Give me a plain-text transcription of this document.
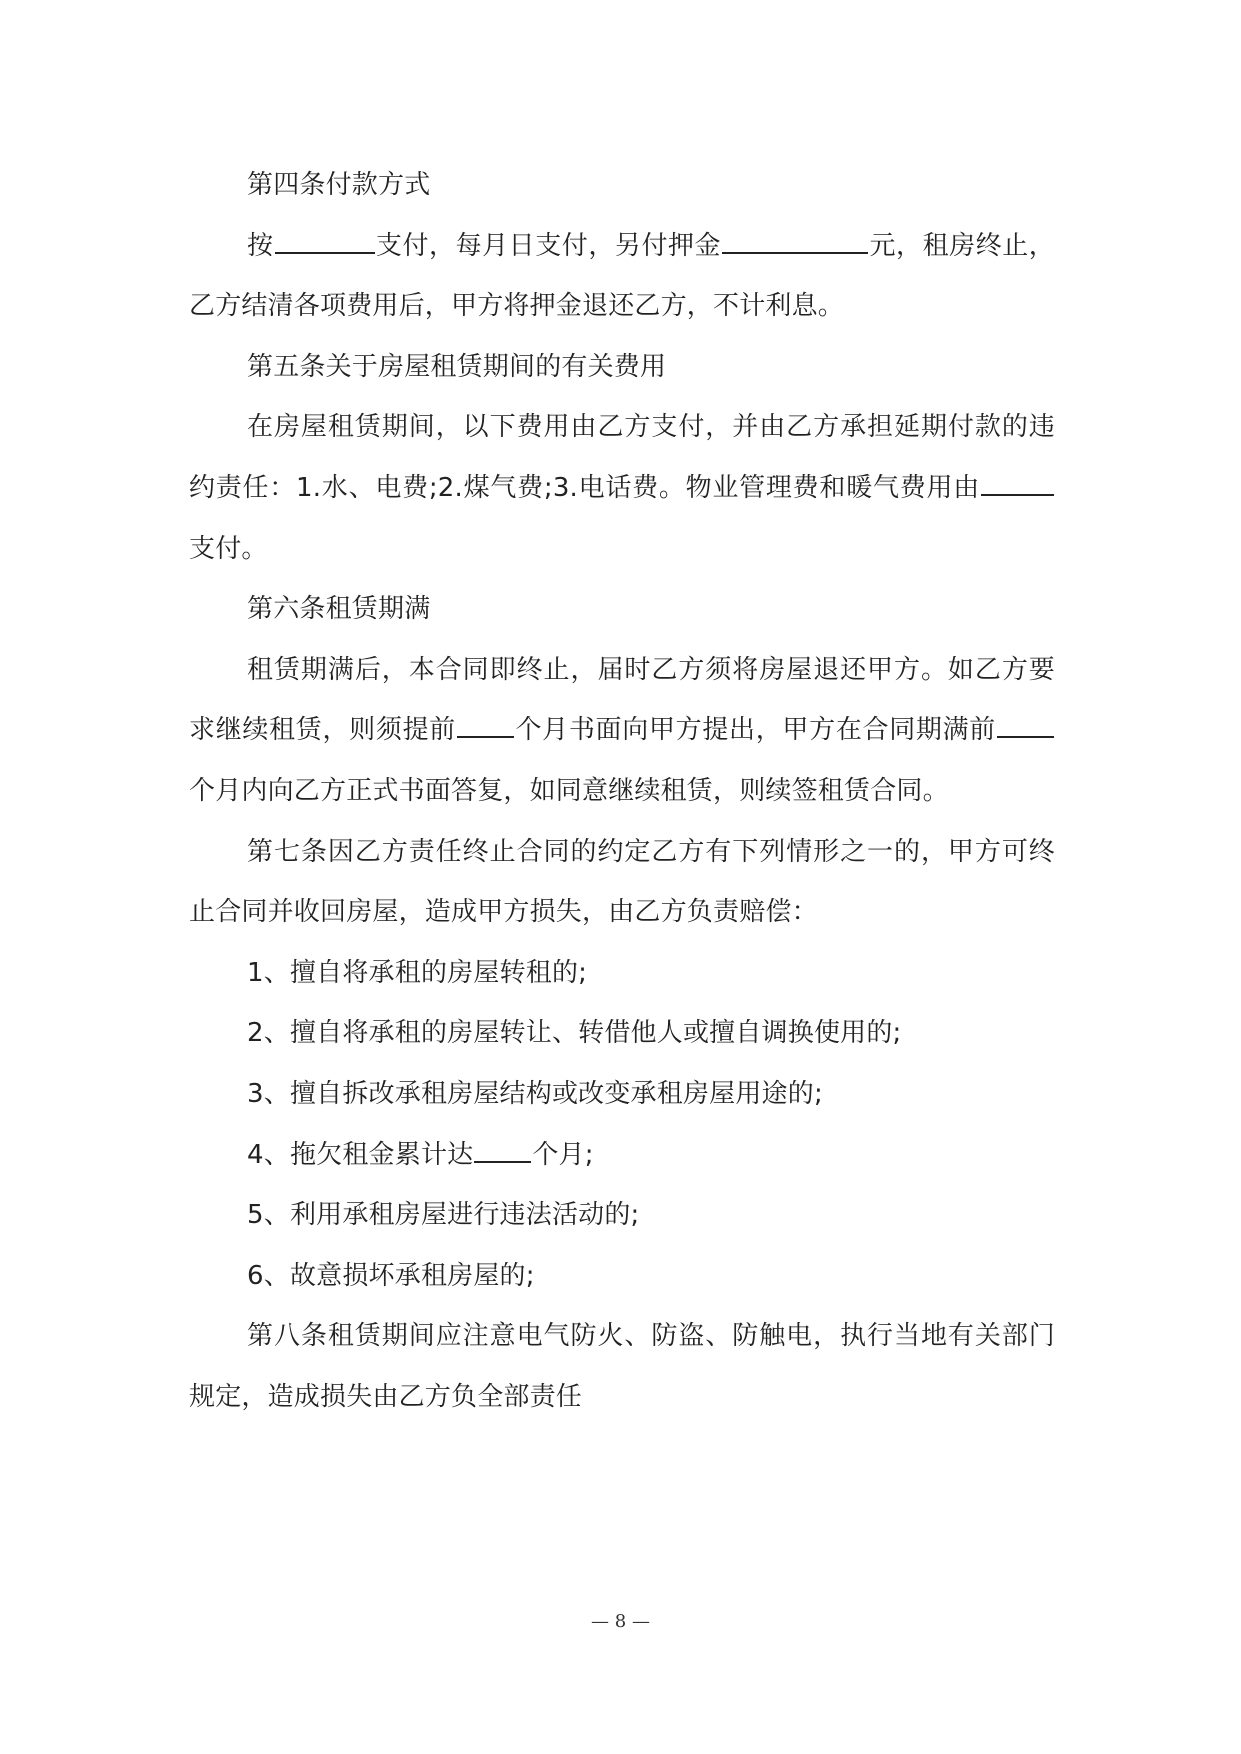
第四条付款方式

按	支付，每月日支付，另付押金	元，租房终止，乙方结清各项费用后，甲方将押金退还乙方，不计利息。

第五条关于房屋租赁期间的有关费用

在房屋租赁期间，以下费用由乙方支付，并由乙方承担延期付款的违约责任：1.水、电费;2.煤气费;3.电话费。物业管理费和暖气费用由支付。

第六条租赁期满

租赁期满后，本合同即终止，届时乙方须将房屋退还甲方。如乙方要求继续租赁，则须提前 个月书面向甲方提出，甲方在合同期满前个月内向乙方正式书面答复，如同意继续租赁，则续签租赁合同。

第七条因乙方责任终止合同的约定乙方有下列情形之一的，甲方可终止合同并收回房屋，造成甲方损失，由乙方负责赔偿：

1、擅自将承租的房屋转租的;

2、擅自将承租的房屋转让、转借他人或擅自调换使用的;

3、擅自拆改承租房屋结构或改变承租房屋用途的;

4、拖欠租金累计达 个月;

5、利用承租房屋进行违法活动的;

6、故意损坏承租房屋的;

第八条租赁期间应注意电气防火、防盗、防触电，执行当地有关部门规定，造成损失由乙方负全部责任

— 8 —
